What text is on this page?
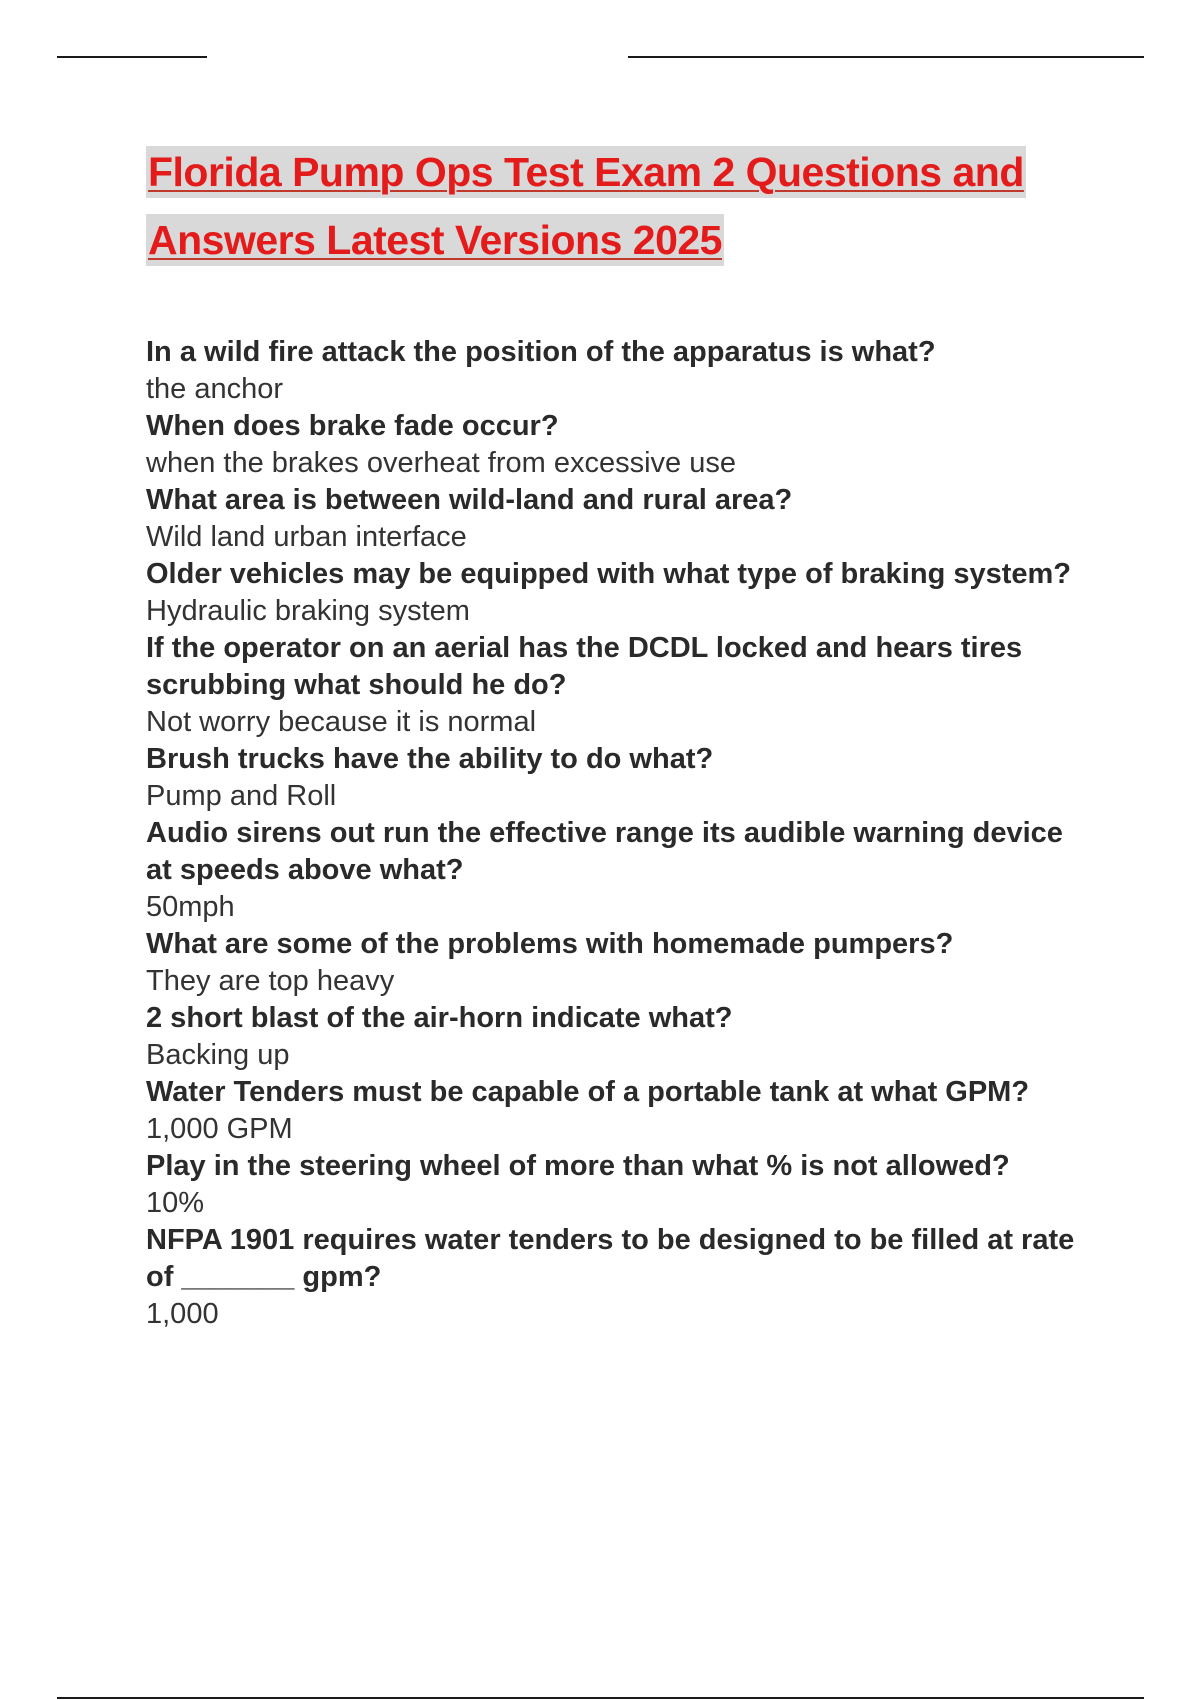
Florida Pump Ops Test Exam 2 Questions and
Answers Latest Versions 2025
In a wild fire attack the position of the apparatus is what?
the anchor
When does brake fade occur?
when the brakes overheat from excessive use
What area is between wild-land and rural area?
Wild land urban interface
Older vehicles may be equipped with what type of braking system?
Hydraulic braking system
If the operator on an aerial has the DCDL locked and hears tires scrubbing what should he do?
Not worry because it is normal
Brush trucks have the ability to do what?
Pump and Roll
Audio sirens out run the effective range its audible warning device at speeds above what?
50mph
What are some of the problems with homemade pumpers?
They are top heavy
2 short blast of the air-horn indicate what?
Backing up
Water Tenders must be capable of a portable tank at what GPM?
1,000 GPM
Play in the steering wheel of more than what % is not allowed?
10%
NFPA 1901 requires water tenders to be designed to be filled at rate of _______ gpm?
1,000
